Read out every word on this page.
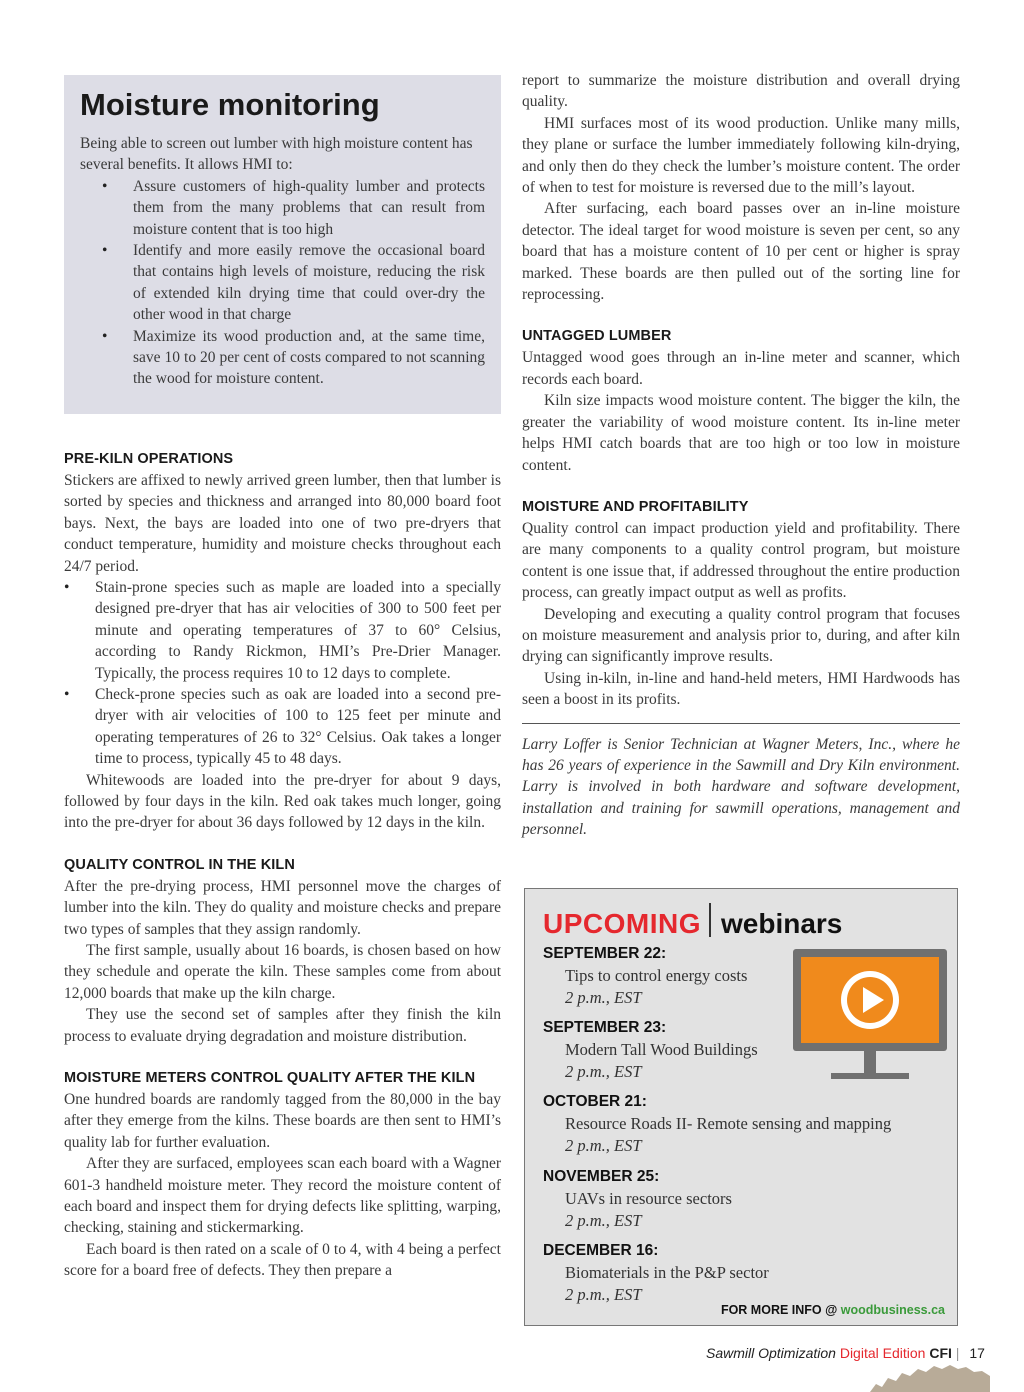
Moisture monitoring

Being able to screen out lumber with high moisture content has several benefits. It allows HMI to:

• Assure customers of high-quality lumber and protects them from the many problems that can result from moisture content that is too high
• Identify and more easily remove the occasional board that contains high levels of moisture, reducing the risk of extended kiln drying time that could over-dry the other wood in that charge
• Maximize its wood production and, at the same time, save 10 to 20 per cent of costs compared to not scanning the wood for moisture content.
PRE-KILN OPERATIONS

Stickers are affixed to newly arrived green lumber, then that lumber is sorted by species and thickness and arranged into 80,000 board foot bays. Next, the bays are loaded into one of two pre-dryers that conduct temperature, humidity and moisture checks throughout each 24/7 period.

• Stain-prone species such as maple are loaded into a specially designed pre-dryer that has air velocities of 300 to 500 feet per minute and operating temperatures of 37 to 60° Celsius, according to Randy Rickmon, HMI’s Pre-Drier Manager. Typically, the process requires 10 to 12 days to complete.
• Check-prone species such as oak are loaded into a second pre-dryer with air velocities of 100 to 125 feet per minute and operating temperatures of 26 to 32° Celsius. Oak takes a longer time to process, typically 45 to 48 days.

Whitewoods are loaded into the pre-dryer for about 9 days, followed by four days in the kiln. Red oak takes much longer, going into the pre-dryer for about 36 days followed by 12 days in the kiln.

QUALITY CONTROL IN THE KILN

After the pre-drying process, HMI personnel move the charges of lumber into the kiln. They do quality and moisture checks and prepare two types of samples that they assign randomly.

The first sample, usually about 16 boards, is chosen based on how they schedule and operate the kiln. These samples come from about 12,000 boards that make up the kiln charge.

They use the second set of samples after they finish the kiln process to evaluate drying degradation and moisture distribution.

MOISTURE METERS CONTROL QUALITY AFTER THE KILN

One hundred boards are randomly tagged from the 80,000 in the bay after they emerge from the kilns. These boards are then sent to HMI’s quality lab for further evaluation.

After they are surfaced, employees scan each board with a Wagner 601-3 handheld moisture meter. They record the moisture content of each board and inspect them for drying defects like splitting, warping, checking, staining and stickermarking.

Each board is then rated on a scale of 0 to 4, with 4 being a perfect score for a board free of defects. They then prepare a

report to summarize the moisture distribution and overall drying quality.

HMI surfaces most of its wood production. Unlike many mills, they plane or surface the lumber immediately following kiln-drying, and only then do they check the lumber’s moisture content. The order of when to test for moisture is reversed due to the mill’s layout.

After surfacing, each board passes over an in-line moisture detector. The ideal target for wood moisture is seven per cent, so any board that has a moisture content of 10 per cent or higher is spray marked. These boards are then pulled out of the sorting line for reprocessing.

UNTAGGED LUMBER

Untagged wood goes through an in-line meter and scanner, which records each board.

Kiln size impacts wood moisture content. The bigger the kiln, the greater the variability of wood moisture content. Its in-line meter helps HMI catch boards that are too high or too low in moisture content.

MOISTURE AND PROFITABILITY

Quality control can impact production yield and profitability. There are many components to a quality control program, but moisture content is one issue that, if addressed throughout the entire production process, can greatly impact output as well as profits.

Developing and executing a quality control program that focuses on moisture measurement and analysis prior to, during, and after kiln drying can significantly improve results.

Using in-kiln, in-line and hand-held meters, HMI Hardwoods has seen a boost in its profits.

Larry Loffer is Senior Technician at Wagner Meters, Inc., where he has 26 years of experience in the Sawmill and Dry Kiln environment. Larry is involved in both hardware and software development, installation and training for sawmill operations, management and personnel.

UPCOMING webinars
SEPTEMBER 22:
Tips to control energy costs
2 p.m., EST
SEPTEMBER 23:
Modern Tall Wood Buildings
2 p.m., EST
OCTOBER 21:
Resource Roads II- Remote sensing and mapping
2 p.m., EST
NOVEMBER 25:
UAVs in resource sectors
2 p.m., EST
DECEMBER 16:
Biomaterials in the P&P sector
2 p.m., EST
FOR MORE INFO @ woodbusiness.ca
Sawmill Optimization Digital Edition CFI | 17
